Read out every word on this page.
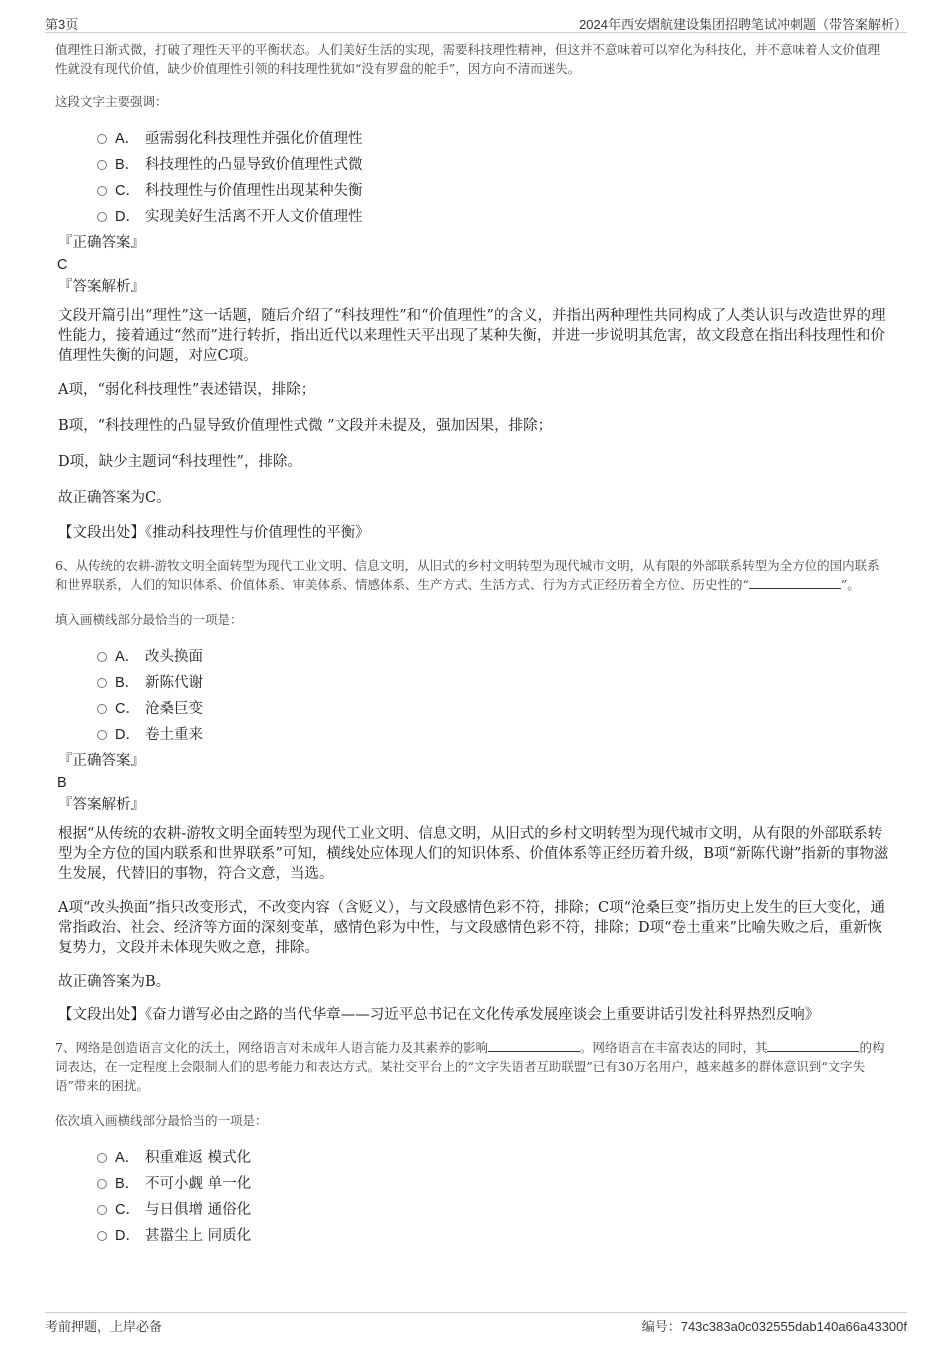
第3页	2024年西安熠航建设集团招聘笔试冲刺题（带答案解析）

值理性日渐式微，打破了理性天平的平衡状态。人们美好生活的实现，需要科技理性精神，但这并不意味着可以窄化为科技化，并不意味着人文价值理性就没有现代价值，缺少价值理性引领的科技理性犹如“没有罗盘的舵手”，因方向不清而迷失。

这段文字主要强调：

A． 亟需弱化科技理性并强化价值理性
B． 科技理性的凸显导致价值理性式微
C． 科技理性与价值理性出现某种失衡
D． 实现美好生活离不开人文价值理性

『正确答案』

C

『答案解析』

文段开篇引出“理性”这一话题，随后介绍了“科技理性”和“价值理性”的含义，并指出两种理性共同构成了人类认识与改造世界的理性能力，接着通过“然而”进行转折，指出近代以来理性天平出现了某种失衡，并进一步说明其危害，故文段意在指出科技理性和价值理性失衡的问题，对应C项。

A项，“弱化科技理性”表述错误，排除；

B项，“科技理性的凸显导致价值理性式微 ”文段并未提及，强加因果，排除；

D项，缺少主题词“科技理性”，排除。

故正确答案为C。

【文段出处】《推动科技理性与价值理性的平衡》

6、从传统的农耕-游牧文明全面转型为现代工业文明、信息文明，从旧式的乡村文明转型为现代城市文明，从有限的外部联系转型为全方位的国内联系和世界联系，人们的知识体系、价值体系、审美体系、情感体系、生产方式、生活方式、行为方式正经历着全方位、历史性的“	”。

填入画横线部分最恰当的一项是：

A． 改头换面
B． 新陈代谢
C． 沧桑巨变
D． 卷土重来

『正确答案』

B

『答案解析』

根据“从传统的农耕-游牧文明全面转型为现代工业文明、信息文明，从旧式的乡村文明转型为现代城市文明，从有限的外部联系转型为全方位的国内联系和世界联系”可知，横线处应体现人们的知识体系、价值体系等正经历着升级，B项“新陈代谢”指新的事物滋生发展，代替旧的事物，符合文意，当选。

A项“改头换面”指只改变形式，不改变内容（含贬义），与文段感情色彩不符，排除；C项“沧桑巨变”指历史上发生的巨大变化，通常指政治、社会、经济等方面的深刻变革，感情色彩为中性，与文段感情色彩不符，排除；D项“卷土重来”比喻失败之后，重新恢复势力，文段并未体现失败之意，排除。

故正确答案为B。

【文段出处】《奋力谱写必由之路的当代华章——习近平总书记在文化传承发展座谈会上重要讲话引发社科界热烈反响》

7、网络是创造语言文化的沃土，网络语言对未成年人语言能力及其素养的影响	。网络语言在丰富表达的同时，其	的构词表达，在一定程度上会限制人们的思考能力和表达方式。某社交平台上的“文字失语者互助联盟”已有30万名用户，越来越多的群体意识到“文字失语”带来的困扰。

依次填入画横线部分最恰当的一项是：

A． 积重难返 模式化
B． 不可小觑 单一化
C． 与日俱增 通俗化
D． 甚嚣尘上 同质化
考前押题，上岸必备	编号：743c383a0c032555dab140a66a43300f
